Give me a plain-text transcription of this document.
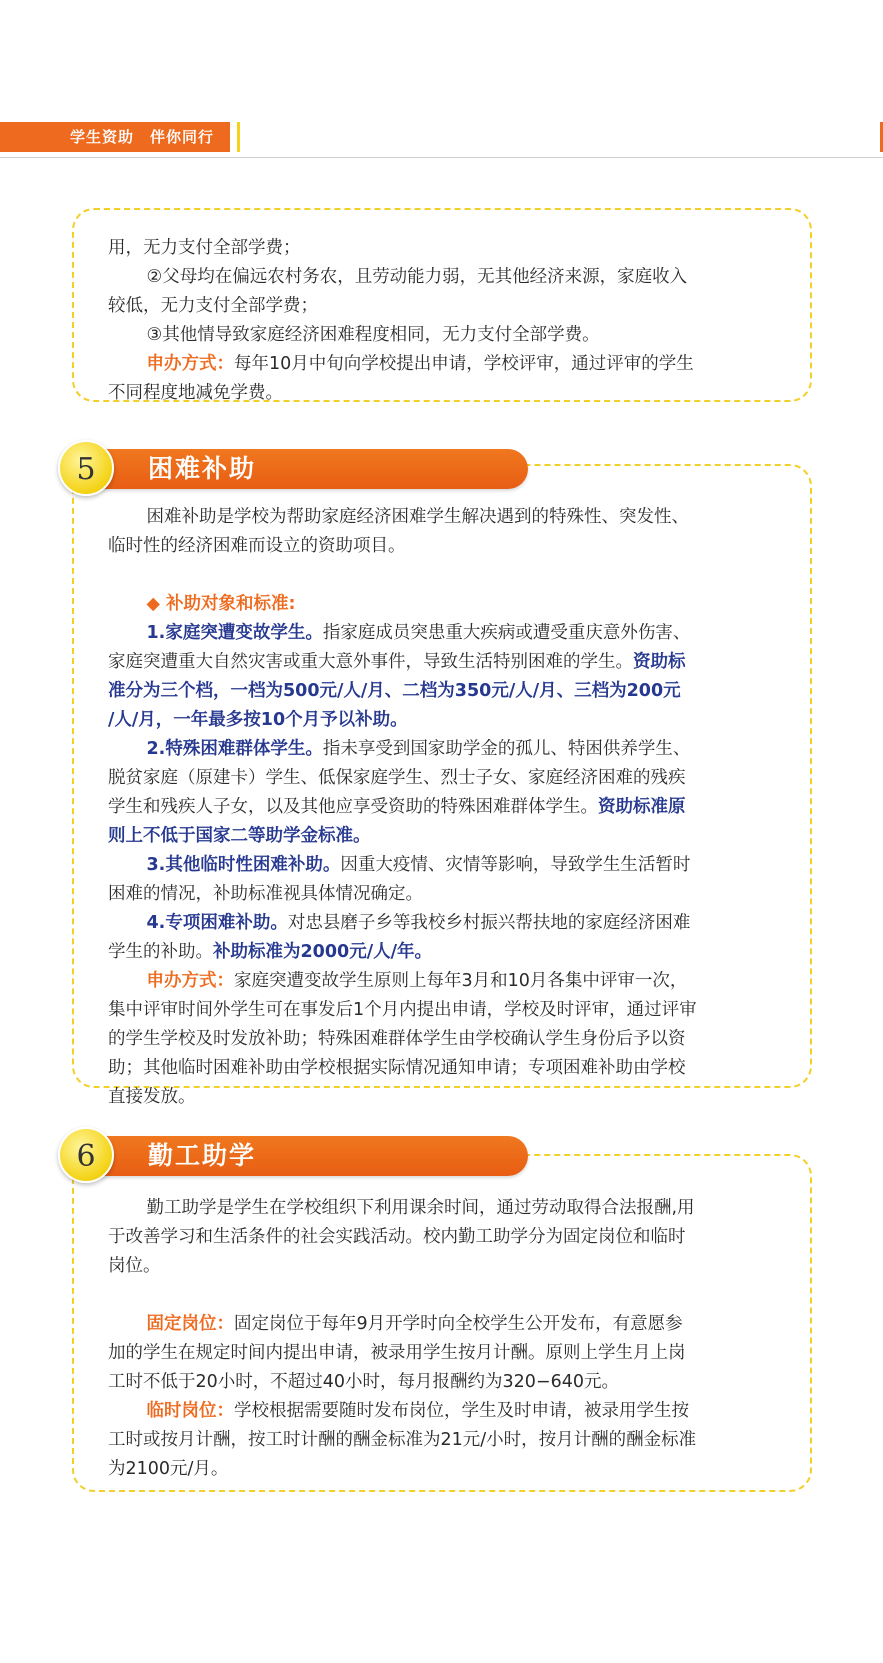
学生资助　伴你同行

用，无力支付全部学费；

②父母均在偏远农村务农，且劳动能力弱，无其他经济来源，家庭收入

较低，无力支付全部学费；

③其他情导致家庭经济困难程度相同，无力支付全部学费。

申办方式：每年10月中旬向学校提出申请，学校评审，通过评审的学生

不同程度地减免学费。

困难补助
5

困难补助是学校为帮助家庭经济困难学生解决遇到的特殊性、突发性、

临时性的经济困难而设立的资助项目。

◆ 补助对象和标准:

1.家庭突遭变故学生。指家庭成员突患重大疾病或遭受重庆意外伤害、

家庭突遭重大自然灾害或重大意外事件，导致生活特别困难的学生。资助标

准分为三个档，一档为500元/人/月、二档为350元/人/月、三档为200元

/人/月，一年最多按10个月予以补助。

2.特殊困难群体学生。指未享受到国家助学金的孤儿、特困供养学生、

脱贫家庭（原建卡）学生、低保家庭学生、烈士子女、家庭经济困难的残疾

学生和残疾人子女，以及其他应享受资助的特殊困难群体学生。资助标准原

则上不低于国家二等助学金标准。

3.其他临时性困难补助。因重大疫情、灾情等影响，导致学生生活暂时

困难的情况，补助标准视具体情况确定。

4.专项困难补助。对忠县磨子乡等我校乡村振兴帮扶地的家庭经济困难

学生的补助。补助标准为2000元/人/年。

申办方式：家庭突遭变故学生原则上每年3月和10月各集中评审一次，

集中评审时间外学生可在事发后1个月内提出申请，学校及时评审，通过评审

的学生学校及时发放补助；特殊困难群体学生由学校确认学生身份后予以资

助；其他临时困难补助由学校根据实际情况通知申请；专项困难补助由学校

直接发放。

勤工助学
6

勤工助学是学生在学校组织下利用课余时间，通过劳动取得合法报酬,用

于改善学习和生活条件的社会实践活动。校内勤工助学分为固定岗位和临时

岗位。

固定岗位：固定岗位于每年9月开学时向全校学生公开发布，有意愿参

加的学生在规定时间内提出申请，被录用学生按月计酬。原则上学生月上岗

工时不低于20小时，不超过40小时，每月报酬约为320−640元。

临时岗位：学校根据需要随时发布岗位，学生及时申请，被录用学生按

工时或按月计酬，按工时计酬的酬金标准为21元/小时，按月计酬的酬金标准

为2100元/月。
